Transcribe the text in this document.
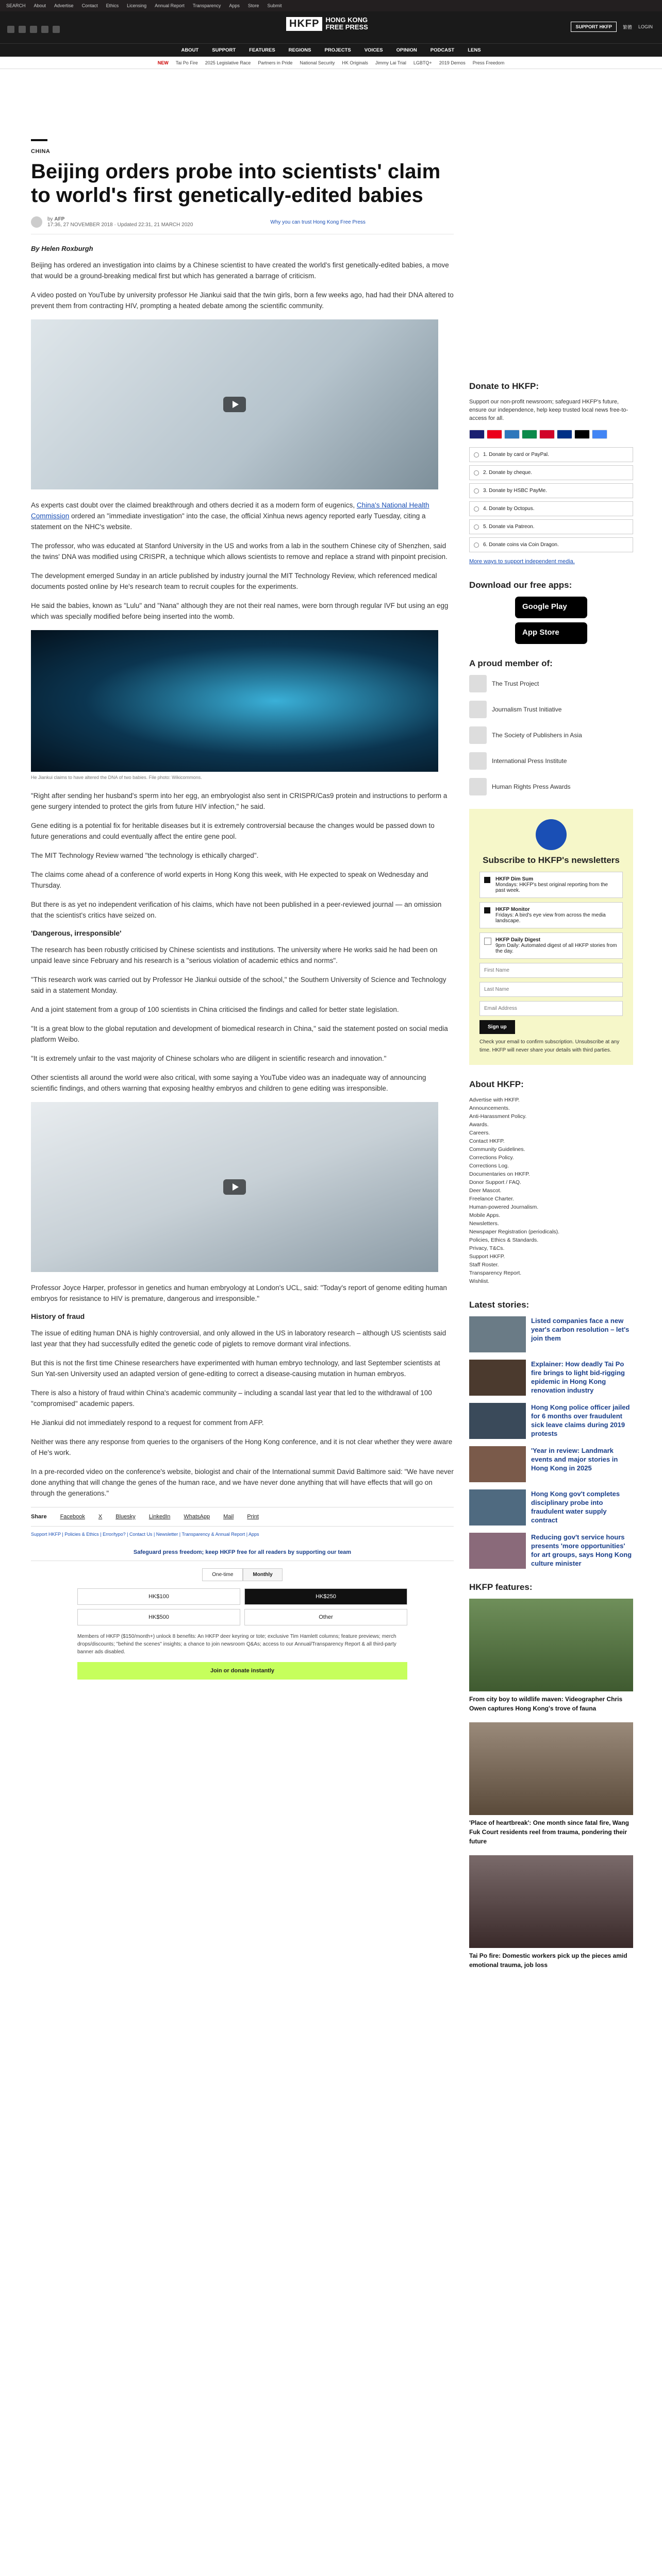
SEARCH About Advertise Contact Ethics Licensing Annual Report Transparency Apps Store Submit
HKFP HONG KONG
FREE PRESS	SUPPORT HKFP	繁體 LOGIN
ABOUT	SUPPORT	FEATURES	REGIONS	PROJECTS	VOICES	OPINION	PODCAST	LENS
NEW Tai Po Fire 2025 Legislative Race Partners in Pride National Security HK Originals Jimmy Lai Trial LGBTQ+ 2019 Demos Press Freedom
CHINA
Beijing orders probe into scientists' claim to world's first genetically-edited babies
by AFP
17:36, 27 NOVEMBER 2018 · Updated 22:31, 21 MARCH 2020	Why you can trust Hong Kong Free Press
By Helen Roxburgh

Beijing has ordered an investigation into claims by a Chinese scientist to have created the world's first genetically-edited babies, a move that would be a ground-breaking medical first but which has generated a barrage of criticism.

A video posted on YouTube by university professor He Jiankui said that the twin girls, born a few weeks ago, had had their DNA altered to prevent them from contracting HIV, prompting a heated debate among the scientific community.

As experts cast doubt over the claimed breakthrough and others decried it as a modern form of eugenics, China's National Health Commission ordered an "immediate investigation" into the case, the official Xinhua news agency reported early Tuesday, citing a statement on the NHC's website.

The professor, who was educated at Stanford University in the US and works from a lab in the southern Chinese city of Shenzhen, said the twins' DNA was modified using CRISPR, a technique which allows scientists to remove and replace a strand with pinpoint precision.

The development emerged Sunday in an article published by industry journal the MIT Technology Review, which referenced medical documents posted online by He's research team to recruit couples for the experiments.

He said the babies, known as "Lulu" and "Nana" although they are not their real names, were born through regular IVF but using an egg which was specially modified before being inserted into the womb.

He Jiankui claims to have altered the DNA of two babies. File photo: Wikicommons.

"Right after sending her husband's sperm into her egg, an embryologist also sent in CRISPR/Cas9 protein and instructions to perform a gene surgery intended to protect the girls from future HIV infection," he said.

Gene editing is a potential fix for heritable diseases but it is extremely controversial because the changes would be passed down to future generations and could eventually affect the entire gene pool.

The MIT Technology Review warned "the technology is ethically charged".

The claims come ahead of a conference of world experts in Hong Kong this week, with He expected to speak on Wednesday and Thursday.

But there is as yet no independent verification of his claims, which have not been published in a peer-reviewed journal — an omission that the scientist's critics have seized on.

'Dangerous, irresponsible'

The research has been robustly criticised by Chinese scientists and institutions. The university where He works said he had been on unpaid leave since February and his research is a "serious violation of academic ethics and norms".

"This research work was carried out by Professor He Jiankui outside of the school," the Southern University of Science and Technology said in a statement Monday.

And a joint statement from a group of 100 scientists in China criticised the findings and called for better state legislation.

"It is a great blow to the global reputation and development of biomedical research in China," said the statement posted on social media platform Weibo.

"It is extremely unfair to the vast majority of Chinese scholars who are diligent in scientific research and innovation."

Other scientists all around the world were also critical, with some saying a YouTube video was an inadequate way of announcing scientific findings, and others warning that exposing healthy embryos and children to gene editing was irresponsible.

Professor Joyce Harper, professor in genetics and human embryology at London's UCL, said: "Today's report of genome editing human embryos for resistance to HIV is premature, dangerous and irresponsible."

History of fraud

The issue of editing human DNA is highly controversial, and only allowed in the US in laboratory research – although US scientists said last year that they had successfully edited the genetic code of piglets to remove dormant viral infections.

But this is not the first time Chinese researchers have experimented with human embryo technology, and last September scientists at Sun Yat-sen University used an adapted version of gene-editing to correct a disease-causing mutation in human embryos.

There is also a history of fraud within China's academic community – including a scandal last year that led to the withdrawal of 100 "compromised" academic papers.

He Jiankui did not immediately respond to a request for comment from AFP.

Neither was there any response from queries to the organisers of the Hong Kong conference, and it is not clear whether they were aware of He's work.

In a pre-recorded video on the conference's website, biologist and chair of the International summit David Baltimore said: "We have never done anything that will change the genes of the human race, and we have never done anything that will have effects that will go on through the generations."

Share Facebook X Bluesky LinkedIn WhatsApp Mail Print
Support HKFP | Policies & Ethics | Error/typo? | Contact Us | Newsletter | Transparency & Annual Report | Apps
Safeguard press freedom; keep HKFP free for all readers by supporting our team
One-time	Monthly
HK$100	HK$250
HK$500	Other
Members of HKFP ($150/month+) unlock 8 benefits: An HKFP deer keyring or tote; exclusive Tim Hamlett columns; feature previews; merch drops/discounts; "behind the scenes" insights; a chance to join newsroom Q&As; access to our Annual/Transparency Report & all third-party banner ads disabled.
Join or donate instantly
Donate to HKFP:
Support our non-profit newsroom; safeguard HKFP's future, ensure our independence, help keep trusted local news free-to-access for all.
1. Donate by card or PayPal.
2. Donate by cheque.
3. Donate by HSBC PayMe.
4. Donate by Octopus.
5. Donate via Patreon.
6. Donate coins via Coin Dragon.
More ways to support independent media.
Download our free apps:
Google Play
App Store
A proud member of:
The Trust Project
Journalism Trust Initiative
The Society of Publishers in Asia
International Press Institute
Human Rights Press Awards
Subscribe to HKFP's newsletters
HKFP Dim Sum
Mondays: HKFP's best original reporting from the past week.
HKFP Monitor
Fridays: A bird's eye view from across the media landscape.
HKFP Daily Digest
9pm Daily: Automated digest of all HKFP stories from the day.
First Name Last Name Email Address
Sign up
Check your email to confirm subscription. Unsubscribe at any time. HKFP will never share your details with third parties.
About HKFP:
Advertise with HKFP.
Announcements.
Anti-Harassment Policy.
Awards.
Careers.
Contact HKFP.
Community Guidelines.
Corrections Policy.
Corrections Log.
Documentaries on HKFP.
Donor Support / FAQ.
Deer Mascot.
Freelance Charter.
Human-powered Journalism.
Mobile Apps.
Newsletters.
Newspaper Registration (periodicals).
Policies, Ethics & Standards.
Privacy, T&Cs.
Support HKFP.
Staff Roster.
Transparency Report.
Wishlist.
Latest stories:
Listed companies face a new year's carbon resolution – let's join them
Explainer: How deadly Tai Po fire brings to light bid-rigging epidemic in Hong Kong renovation industry
Hong Kong police officer jailed for 6 months over fraudulent sick leave claims during 2019 protests
'Year in review: Landmark events and major stories in Hong Kong in 2025
Hong Kong gov't completes disciplinary probe into fraudulent water supply contract
Reducing gov't service hours presents 'more opportunities' for art groups, says Hong Kong culture minister
HKFP features:
From city boy to wildlife maven: Videographer Chris Owen captures Hong Kong's trove of fauna
'Place of heartbreak': One month since fatal fire, Wang Fuk Court residents reel from trauma, pondering their future
Tai Po fire: Domestic workers pick up the pieces amid emotional trauma, job loss
